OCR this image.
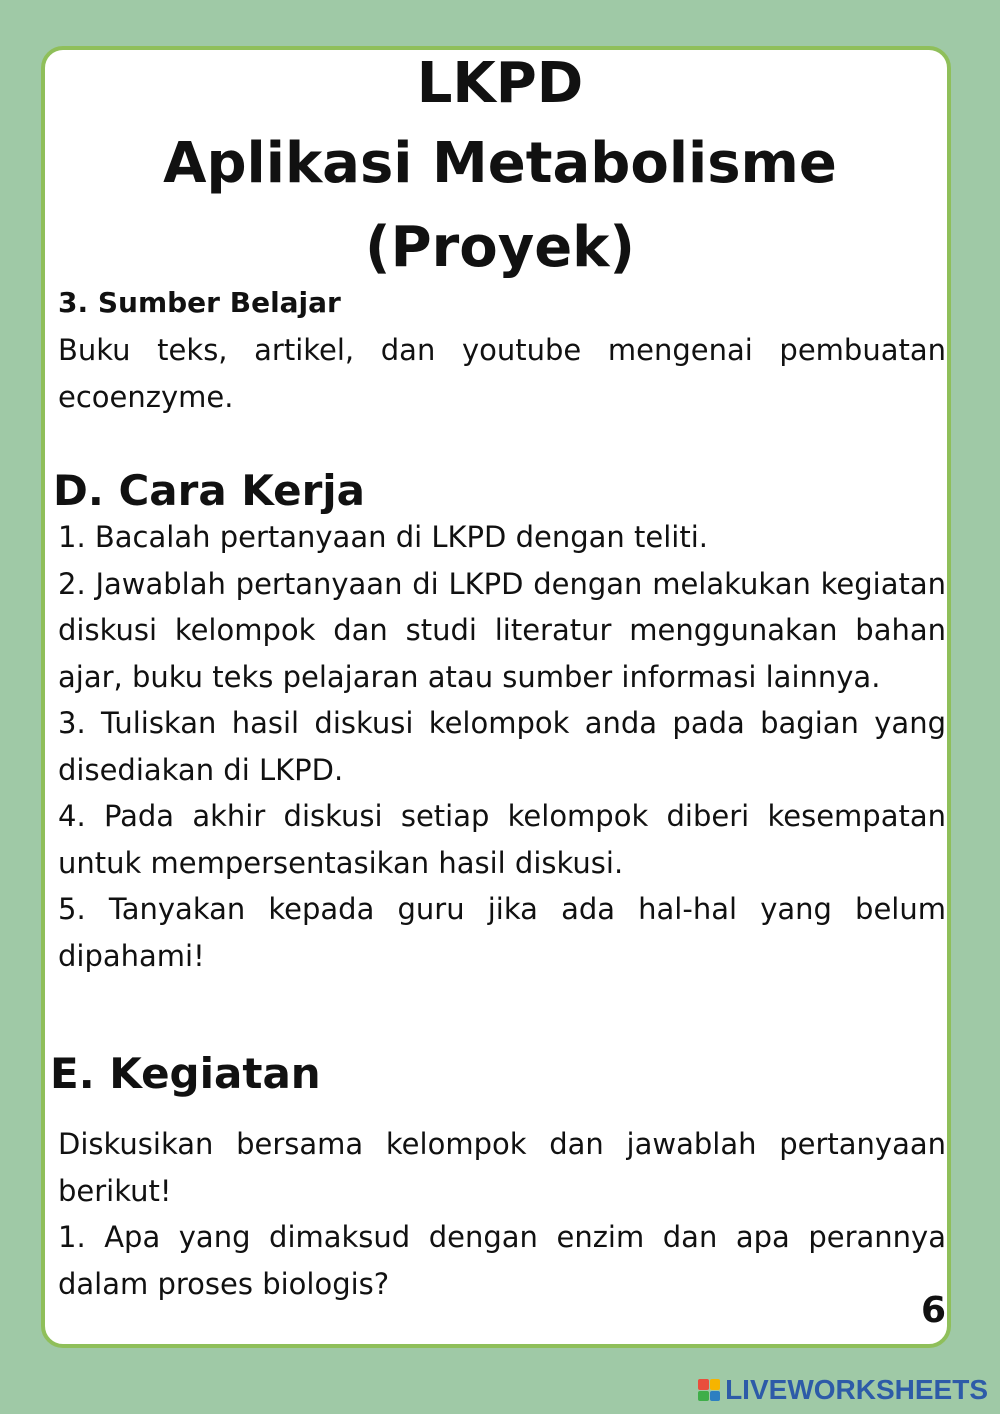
LKPD
Aplikasi Metabolisme
(Proyek)
3. Sumber Belajar
Buku teks, artikel, dan youtube mengenai pembuatan ecoenzyme.
D. Cara Kerja
1. Bacalah pertanyaan di LKPD dengan teliti.
2. Jawablah pertanyaan di LKPD dengan melakukan kegiatan diskusi kelompok dan studi literatur menggunakan bahan ajar, buku teks pelajaran atau sumber informasi lainnya.
3. Tuliskan hasil diskusi kelompok anda pada bagian yang disediakan di LKPD.
4. Pada akhir diskusi setiap kelompok diberi kesempatan untuk mempersentasikan hasil diskusi.
5. Tanyakan kepada guru jika ada hal-hal yang belum dipahami!
E. Kegiatan
Diskusikan bersama kelompok dan jawablah pertanyaan berikut!
1. Apa yang dimaksud dengan enzim dan apa perannya dalam proses biologis?
6
LIVEWORKSHEETS
